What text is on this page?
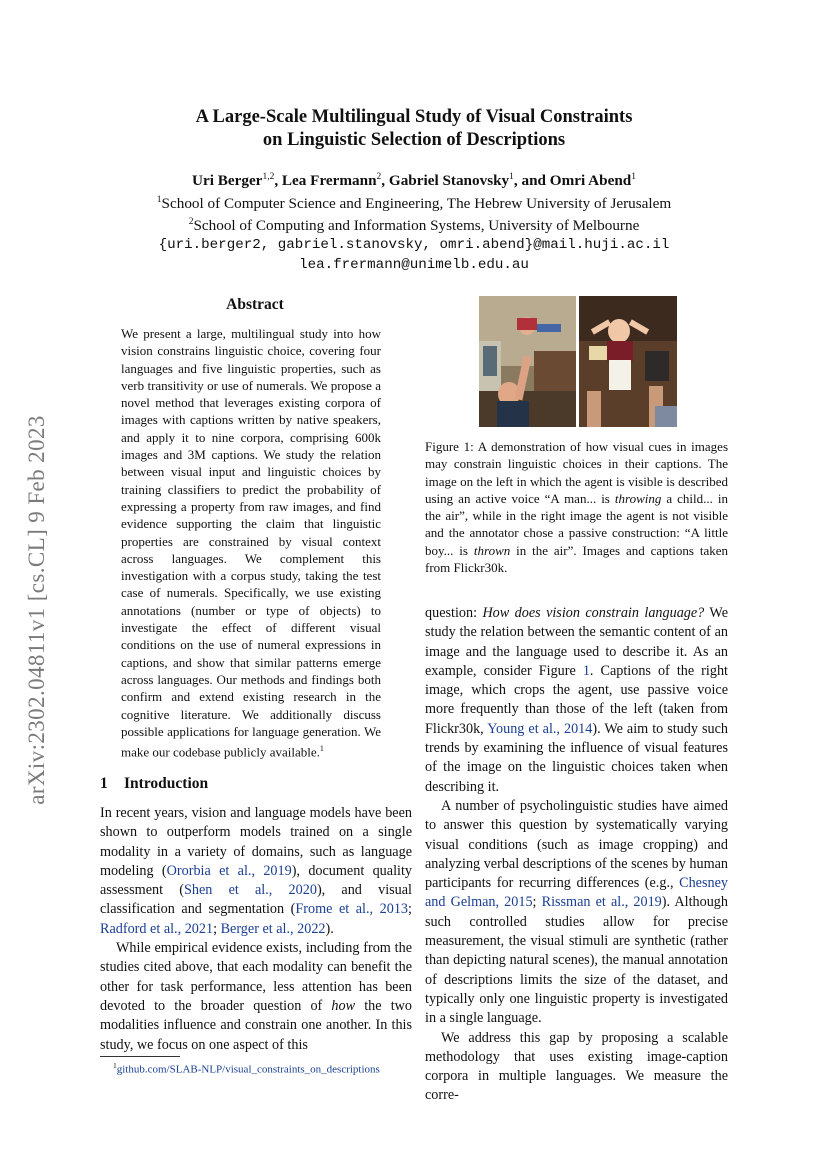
arXiv:2302.04811v1 [cs.CL] 9 Feb 2023
A Large-Scale Multilingual Study of Visual Constraints
on Linguistic Selection of Descriptions
Uri Berger$^{1,2}$, Lea Frermann$^2$, Gabriel Stanovsky$^1$, and Omri Abend$^1$
$^1$School of Computer Science and Engineering, The Hebrew University of Jerusalem
$^2$School of Computing and Information Systems, University of Melbourne
{uri.berger2, gabriel.stanovsky, omri.abend}@mail.huji.ac.il
lea.frermann@unimelb.edu.au
Abstract
We present a large, multilingual study into how vision constrains linguistic choice, covering four languages and five linguistic properties, such as verb transitivity or use of numerals. We propose a novel method that leverages existing corpora of images with captions written by native speakers, and apply it to nine corpora, comprising 600k images and 3M captions. We study the relation between visual input and linguistic choices by training classifiers to predict the probability of expressing a property from raw images, and find evidence supporting the claim that linguistic properties are constrained by visual context across languages. We complement this investigation with a corpus study, taking the test case of numerals. Specifically, we use existing annotations (number or type of objects) to investigate the effect of different visual conditions on the use of numeral expressions in captions, and show that similar patterns emerge across languages. Our methods and findings both confirm and extend existing research in the cognitive literature. We additionally discuss possible applications for language generation. We make our codebase publicly available.$^1$
1 Introduction

In recent years, vision and language models have been shown to outperform models trained on a single modality in a variety of domains, such as language modeling (Ororbia et al., 2019), document quality assessment (Shen et al., 2020), and visual classification and segmentation (Frome et al., 2013; Radford et al., 2021; Berger et al., 2022).

While empirical evidence exists, including from the studies cited above, that each modality can benefit the other for task performance, less attention has been devoted to the broader question of how the two modalities influence and constrain one another. In this study, we focus on one aspect of this

$^1$github.com/SLAB-NLP/visual_constraints_on_descriptions
Figure 1: A demonstration of how visual cues in images may constrain linguistic choices in their captions. The image on the left in which the agent is visible is described using an active voice “A man... is throwing a child... in the air”, while in the right image the agent is not visible and the annotator chose a passive construction: “A little boy... is thrown in the air”. Images and captions taken from Flickr30k.

question: How does vision constrain language? We study the relation between the semantic content of an image and the language used to describe it. As an example, consider Figure 1. Captions of the right image, which crops the agent, use passive voice more frequently than those of the left (taken from Flickr30k, Young et al., 2014). We aim to study such trends by examining the influence of visual features of the image on the linguistic choices taken when describing it.

A number of psycholinguistic studies have aimed to answer this question by systematically varying visual conditions (such as image cropping) and analyzing verbal descriptions of the scenes by human participants for recurring differences (e.g., Chesney and Gelman, 2015; Rissman et al., 2019). Although such controlled studies allow for precise measurement, the visual stimuli are synthetic (rather than depicting natural scenes), the manual annotation of descriptions limits the size of the dataset, and typically only one linguistic property is investigated in a single language.

We address this gap by proposing a scalable methodology that uses existing image-caption corpora in multiple languages. We measure the corre-
